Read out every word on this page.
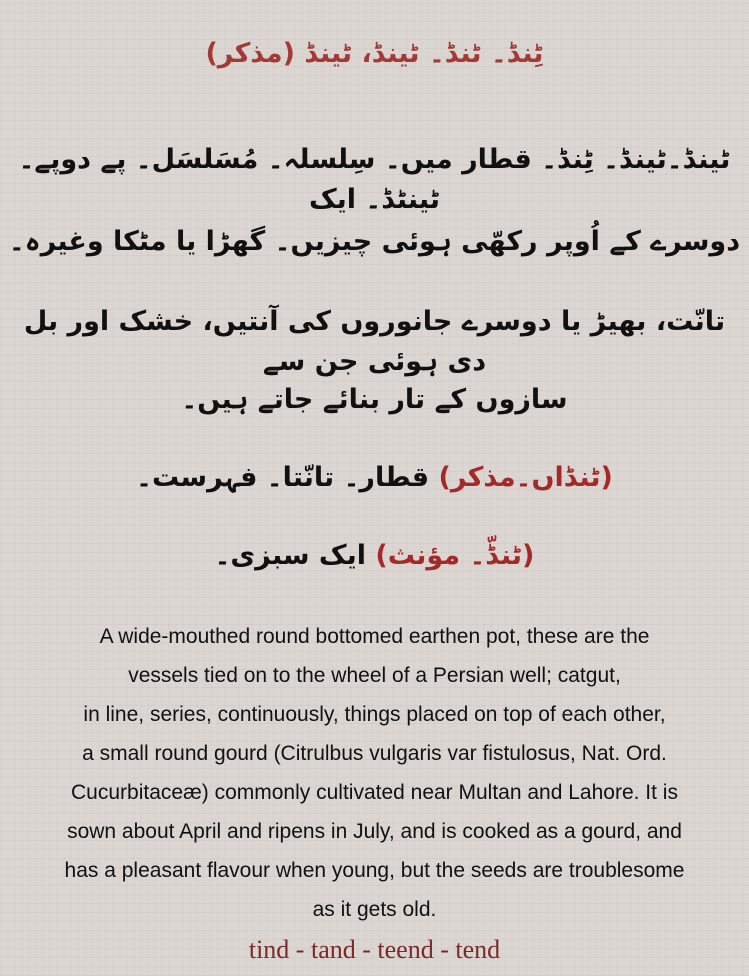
ٹِنڈ۔ ٹنڈ۔ ٹینڈ، ٹینڈ (مذکر)
ٹینڈ۔ٹینڈ۔ ٹِنڈ۔ قطار میں۔ سِلسلہ۔ مُسَلسَل۔ پے دوپے۔ٹینٹڈ۔ ایک
دوسرے کے اُوپر رکھّی ہوئی چیزیں۔ گھڑا یا مٹکا وغیرہ۔
تانّت، بھیڑ یا دوسرے جانوروں کی آنتیں، خشک اور بل دی ہوئی جن سے
سازوں کے تار بنائے جاتے ہیں۔
(ٹنڈاں۔مذکر) قطار۔ تانّتا۔ فہرست۔
(ٹنڈّ۔ مؤنث) ایک سبزی۔
A wide-mouthed round bottomed earthen pot, these are the
vessels tied on to the wheel of a Persian well; catgut,
in line, series, continuously, things placed on top of each other,
a small round gourd (Citrulbus vulgaris var fistulosus, Nat. Ord.
Cucurbitaceæ) commonly cultivated near Multan and Lahore. It is
sown about April and ripens in July, and is cooked as a gourd, and
has a pleasant flavour when young, but the seeds are troublesome
as it gets old.
tind - tand - teend - tend
